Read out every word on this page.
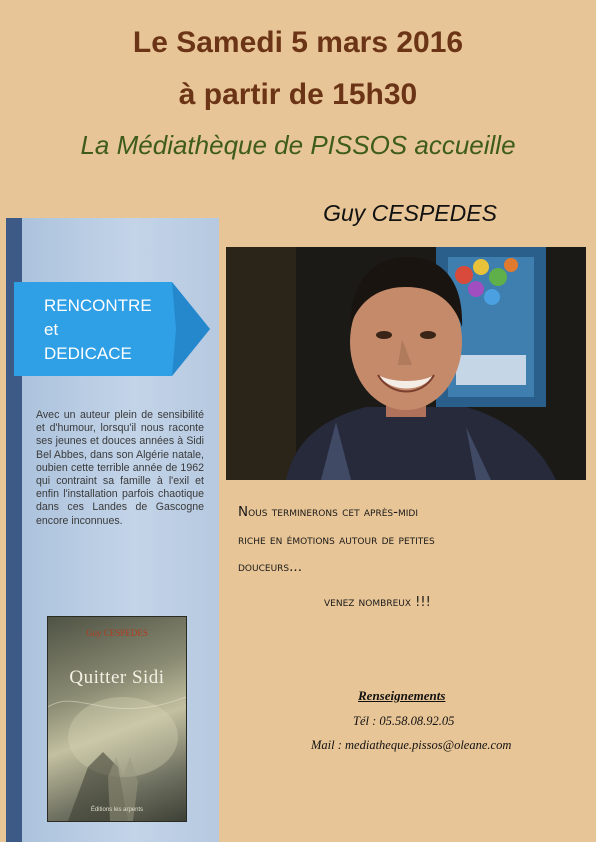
Le Samedi 5 mars 2016
à partir de 15h30
La Médiathèque de PISSOS accueille
Guy CESPEDES
RENCONTRE
et
DEDICACE
Avec un auteur plein de sensibilité et d'humour, lorsqu'il nous raconte ses jeunes et douces années à Sidi Bel Abbes, dans son Algérie natale, oubien cette terrible année de 1962 qui contraint sa famille à l'exil et enfin l'installation parfois chaotique dans ces Landes de Gascogne encore inconnues.
Guy CESPEDES
Quitter Sidi
Éditions les arpents
Nous terminerons cet après-midi
riche en émotions autour de petites
douceurs...
venez nombreux !!!
Renseignements
Tél : 05.58.08.92.05
Mail : mediatheque.pissos@oleane.com
